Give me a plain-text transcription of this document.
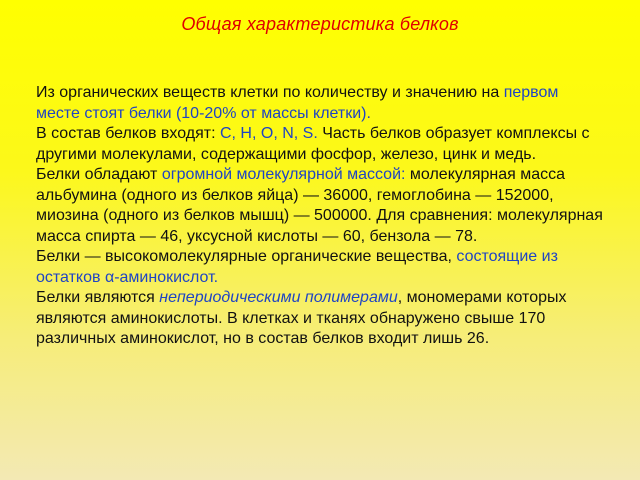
Общая характеристика белков

Из органических веществ клетки по количеству и значению на первом месте стоят белки (10-20% от массы клетки).

В состав белков входят: C, H, O, N, S. Часть белков образует комплексы с другими молекулами, содержащими фосфор, железо, цинк и медь.

Белки обладают огромной молекулярной массой: молекулярная масса альбумина (одного из белков яйца) — 36000, гемоглобина — 152000, миозина (одного из белков мышц) — 500000. Для сравнения: молекулярная масса спирта — 46, уксусной кислоты — 60, бензола — 78.

Белки — высокомолекулярные органические вещества, состоящие из остатков α-аминокислот.

Белки являются непериодическими полимерами, мономерами которых являются аминокислоты. В клетках и тканях обнаружено свыше 170 различных аминокислот, но в состав белков входит лишь 26.
